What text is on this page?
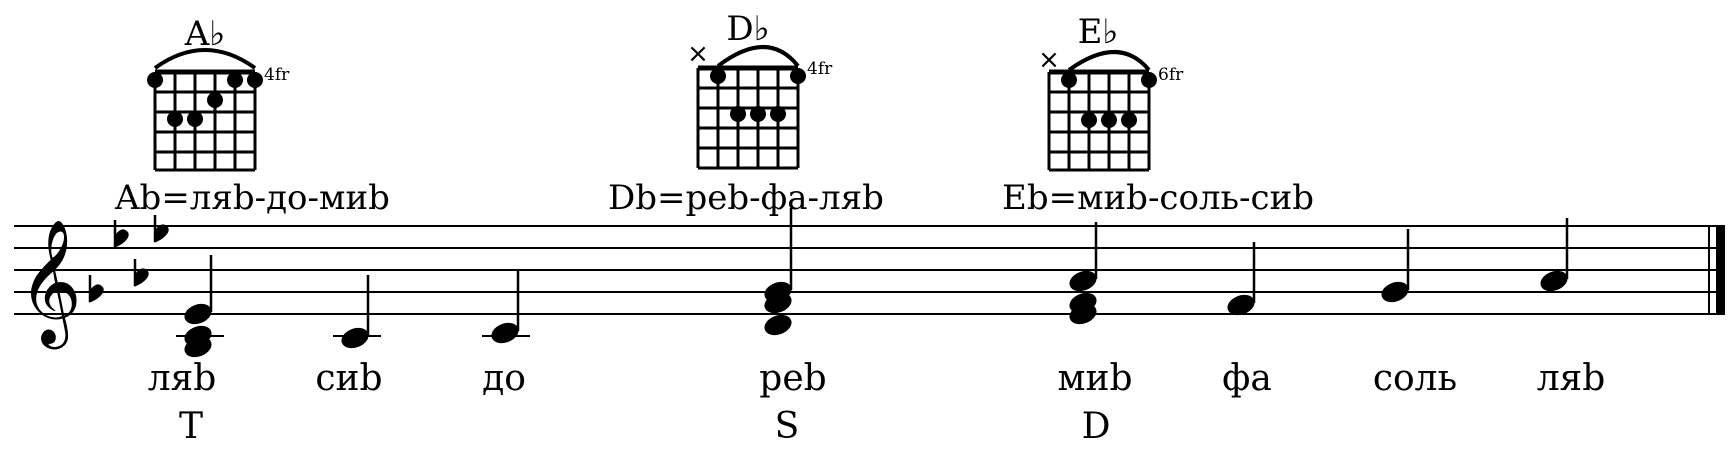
A♭
4fr
D♭
×	4fr
E♭
×	6fr
Ab=ляb-до-миb	Db=реb-фа-ляb	Eb=миb-соль-сиb
𝄞
ляb	сиb	до	реb	миb фа	соль ляb
T	S	D
